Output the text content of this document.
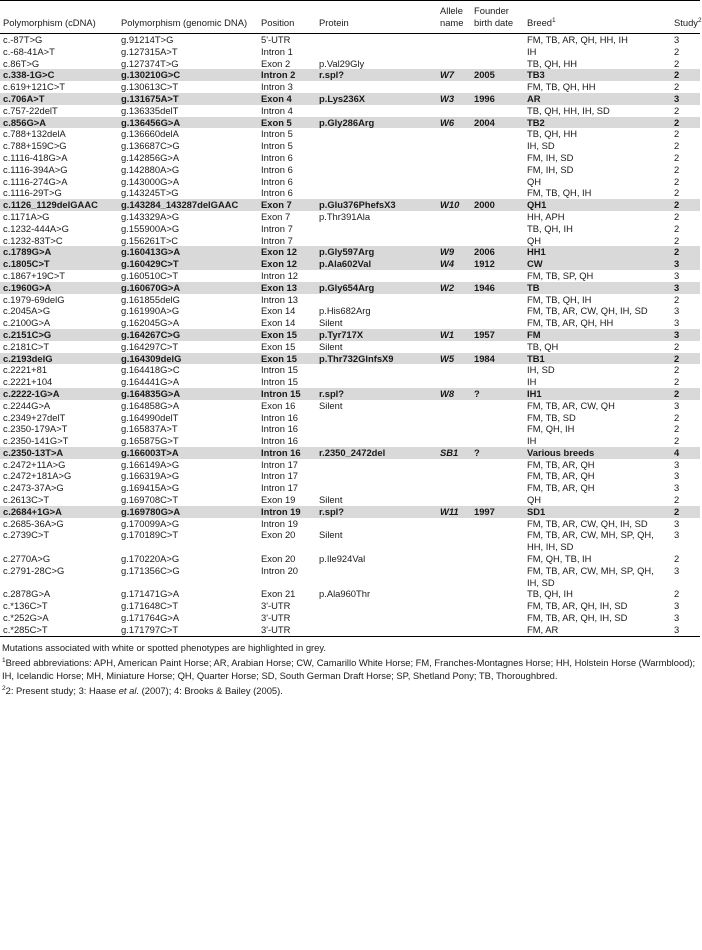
Polymorphism (cDNA)	Polymorphism (genomic DNA)	Position	Protein	Allele name	Founder birth date	Breed$^1$	Study$^2$
c.-87T>G	g.91214T>G	5'-UTR				FM, TB, AR, QH, HH, IH	3
c.-68-41A>T	g.127315A>T	Intron 1				IH	2
c.86T>G	g.127374T>G	Exon 2	p.Val29Gly			TB, QH, HH	2
c.338-1G>C	g.130210G>C	Intron 2	r.spl?	W7	2005	TB3	2
c.619+121C>T	g.130613C>T	Intron 3				FM, TB, QH, HH	2
c.706A>T	g.131675A>T	Exon 4	p.Lys236X	W3	1996	AR	3
c.757-22delT	g.136335delT	Intron 4				TB, QH, HH, IH, SD	2
c.856G>A	g.136456G>A	Exon 5	p.Gly286Arg	W6	2004	TB2	2
c.788+132delA	g.136660delA	Intron 5				TB, QH, HH	2
c.788+159C>G	g.136687C>G	Intron 5				IH, SD	2
c.1116-418G>A	g.142856G>A	Intron 6				FM, IH, SD	2
c.1116-394A>G	g.142880A>G	Intron 6				FM, IH, SD	2
c.1116-274G>A	g.143000G>A	Intron 6				QH	2
c.1116-29T>G	g.143245T>G	Intron 6				FM, TB, QH, IH	2
c.1126_1129delGAAC	g.143284_143287delGAAC	Exon 7	p.Glu376PhefsX3	W10	2000	QH1	2
c.1171A>G	g.143329A>G	Exon 7	p.Thr391Ala			HH, APH	2
c.1232-444A>G	g.155900A>G	Intron 7				TB, QH, IH	2
c.1232-83T>C	g.156261T>C	Intron 7				QH	2
c.1789G>A	g.160413G>A	Exon 12	p.Gly597Arg	W9	2006	HH1	2
c.1805C>T	g.160429C>T	Exon 12	p.Ala602Val	W4	1912	CW	3
c.1867+19C>T	g.160510C>T	Intron 12				FM, TB, SP, QH	3
c.1960G>A	g.160670G>A	Exon 13	p.Gly654Arg	W2	1946	TB	3
c.1979-69delG	g.161855delG	Intron 13				FM, TB, QH, IH	2
c.2045A>G	g.161990A>G	Exon 14	p.His682Arg			FM, TB, AR, CW, QH, IH, SD	3
c.2100G>A	g.162045G>A	Exon 14	Silent			FM, TB, AR, QH, HH	3
c.2151C>G	g.164267C>G	Exon 15	p.Tyr717X	W1	1957	FM	3
c.2181C>T	g.164297C>T	Exon 15	Silent			TB, QH	2
c.2193delG	g.164309delG	Exon 15	p.Thr732GlnfsX9	W5	1984	TB1	2
c.2221+81	g.164418G>C	Intron 15				IH, SD	2
c.2221+104	g.164441G>A	Intron 15				IH	2
c.2222-1G>A	g.164835G>A	Intron 15	r.spl?	W8	?	IH1	2
c.2244G>A	g.164858G>A	Exon 16	Silent			FM, TB, AR, CW, QH	3
c.2349+27delT	g.164990delT	Intron 16				FM, TB, SD	2
c.2350-179A>T	g.165837A>T	Intron 16				FM, QH, IH	2
c.2350-141G>T	g.165875G>T	Intron 16				IH	2
c.2350-13T>A	g.166003T>A	Intron 16	r.2350_2472del	SB1	?	Various breeds	4
c.2472+11A>G	g.166149A>G	Intron 17				FM, TB, AR, QH	3
c.2472+181A>G	g.166319A>G	Intron 17				FM, TB, AR, QH	3
c.2473-37A>G	g.169415A>G	Intron 17				FM, TB, AR, QH	3
c.2613C>T	g.169708C>T	Exon 19	Silent			QH	2
c.2684+1G>A	g.169780G>A	Intron 19	r.spl?	W11	1997	SD1	2
c.2685-36A>G	g.170099A>G	Intron 19				FM, TB, AR, CW, QH, IH, SD	3
c.2739C>T	g.170189C>T	Exon 20	Silent			FM, TB, AR, CW, MH, SP, QH, HH, IH, SD	3
c.2770A>G	g.170220A>G	Exon 20	p.Ile924Val			FM, QH, TB, IH	2
c.2791-28C>G	g.171356C>G	Intron 20				FM, TB, AR, CW, MH, SP, QH, IH, SD	3
c.2878G>A	g.171471G>A	Exon 21	p.Ala960Thr			TB, QH, IH	2
c.*136C>T	g.171648C>T	3'-UTR				FM, TB, AR, QH, IH, SD	3
c.*252G>A	g.171764G>A	3'-UTR				FM, TB, AR, QH, IH, SD	3
c.*285C>T	g.171797C>T	3'-UTR				FM, AR	3

Mutations associated with white or spotted phenotypes are highlighted in grey.

$^1$Breed abbreviations: APH, American Paint Horse; AR, Arabian Horse; CW, Camarillo White Horse; FM, Franches-Montagnes Horse; HH, Holstein Horse (Warmblood); IH, Icelandic Horse; MH, Miniature Horse; QH, Quarter Horse; SD, South German Draft Horse; SP, Shetland Pony; TB, Thoroughbred.

$^2$2: Present study; 3: Haase et al. (2007); 4: Brooks & Bailey (2005).
